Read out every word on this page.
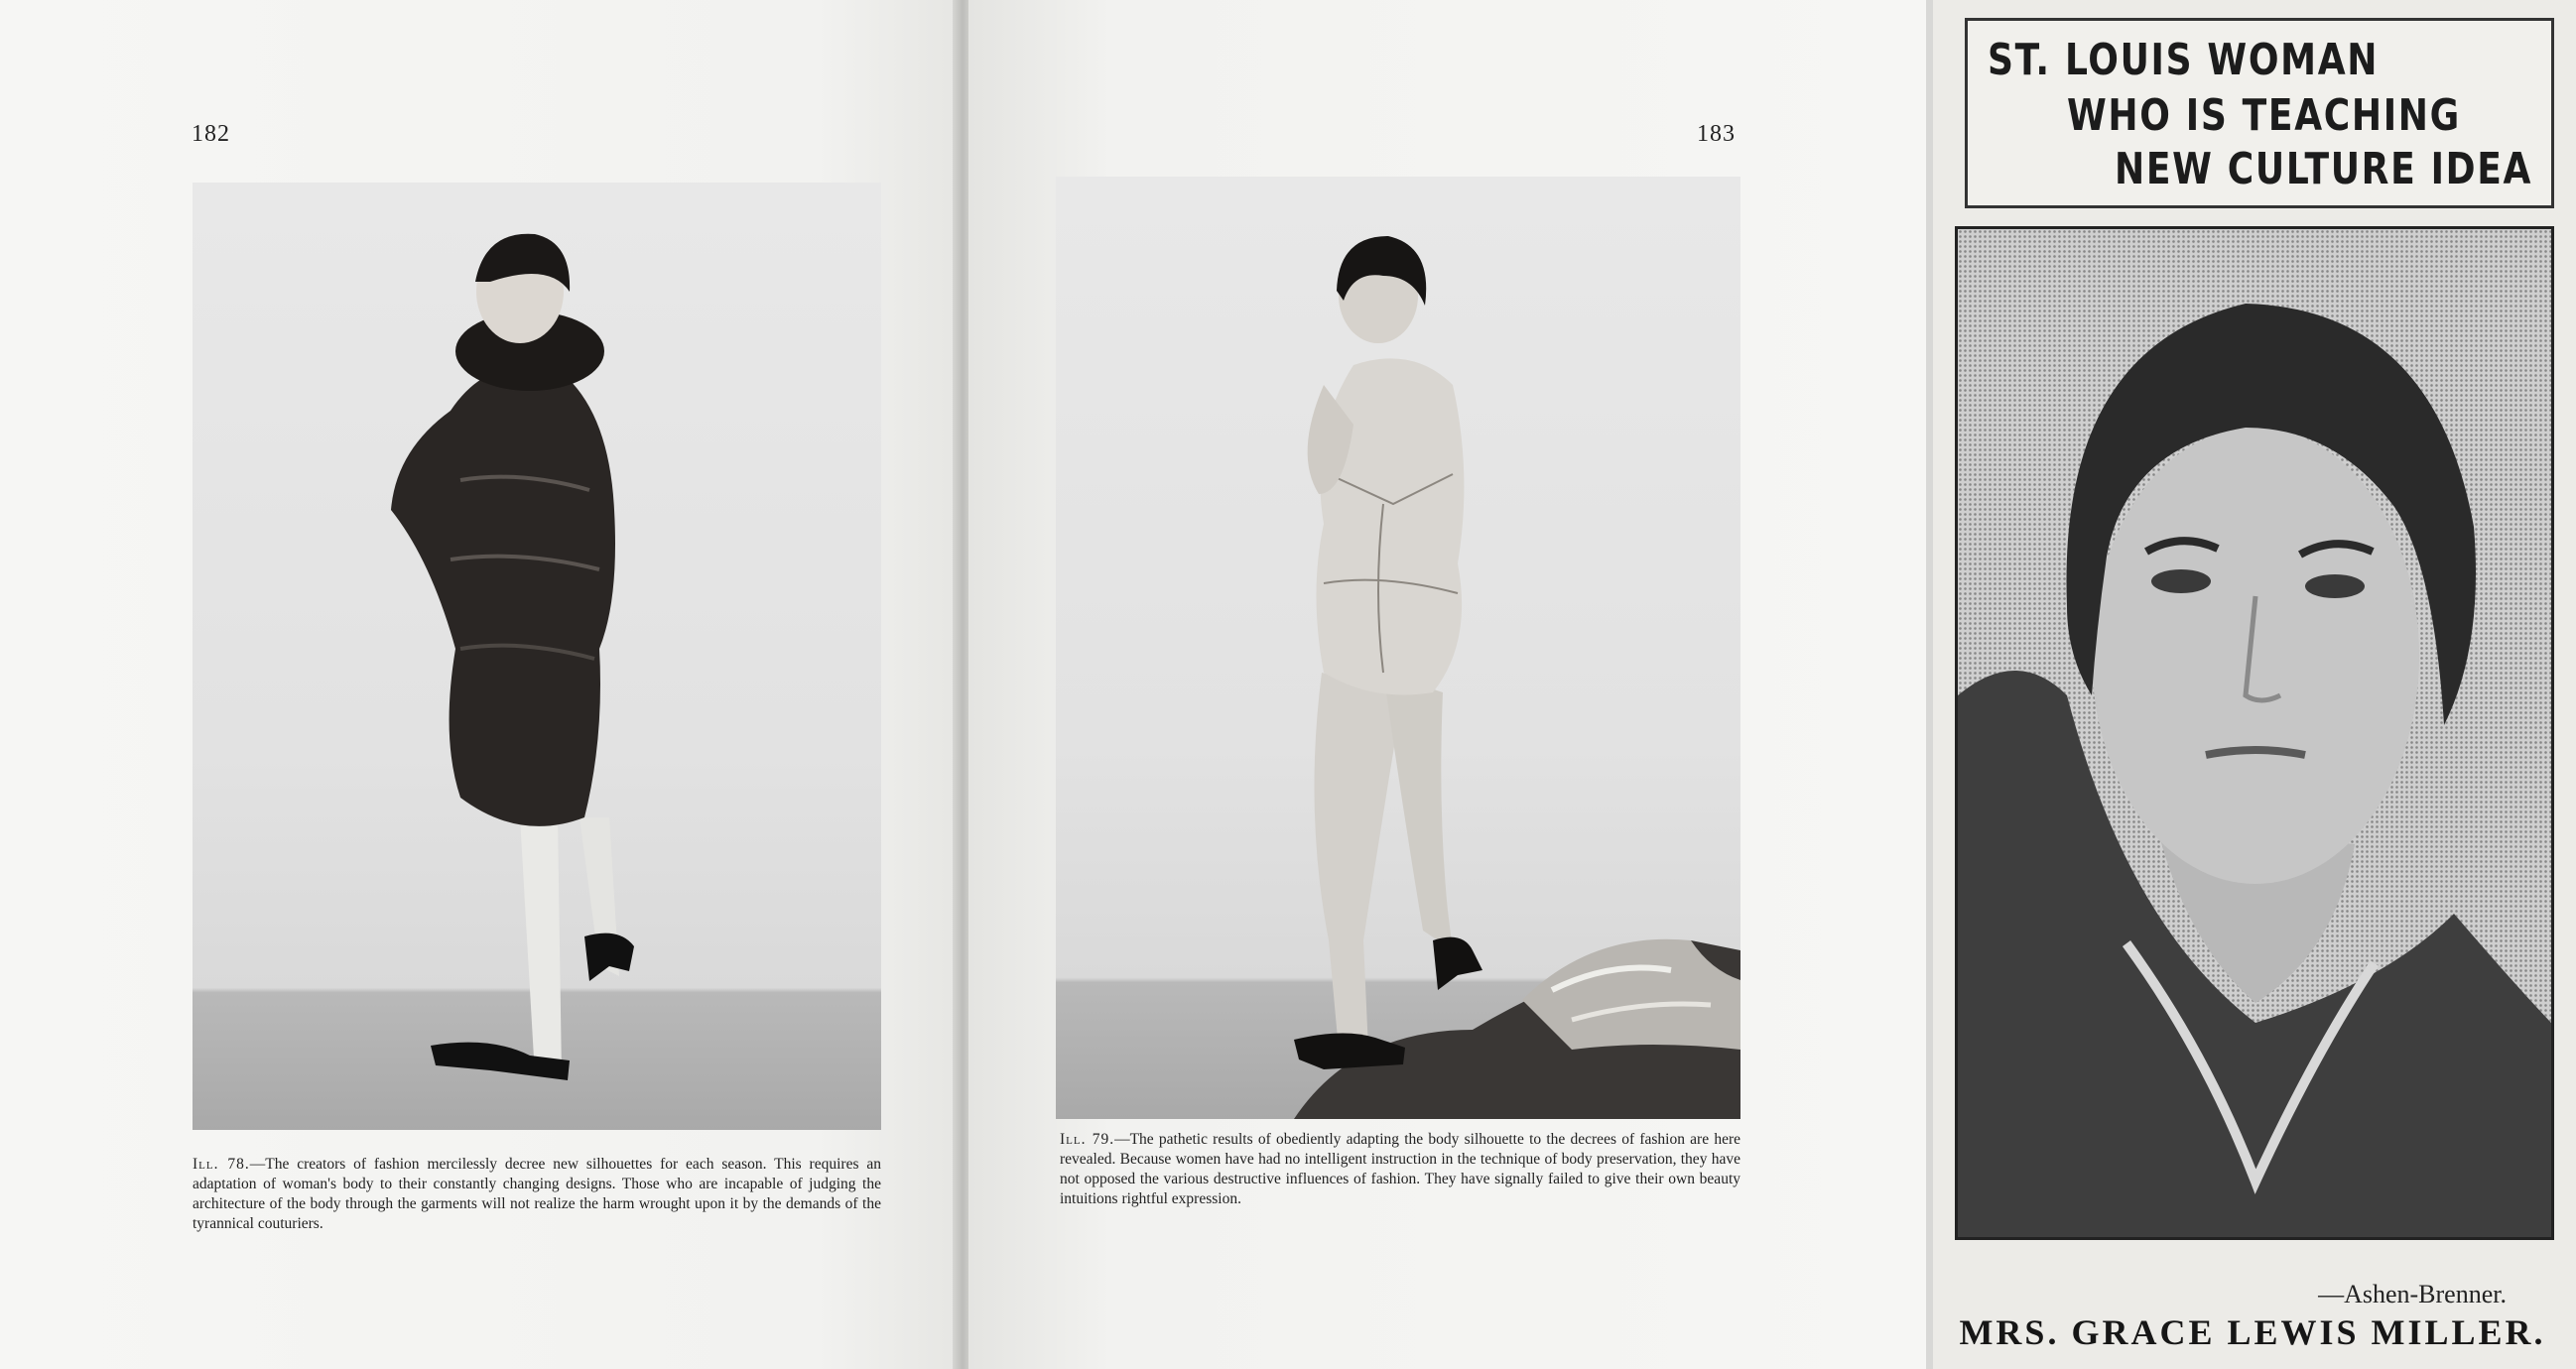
182
Ill. 78.—The creators of fashion mercilessly decree new silhouettes for each season. This requires an adaptation of woman's body to their constantly changing designs. Those who are incapable of judging the architecture of the body through the garments will not realize the harm wrought upon it by the demands of the tyrannical couturiers.
183
Ill. 79.—The pathetic results of obediently adapting the body silhouette to the decrees of fashion are here revealed. Because women have had no intelligent instruction in the technique of body preservation, they have not opposed the various destructive influences of fashion. They have signally failed to give their own beauty intuitions rightful expression.
ST. LOUIS WOMAN
WHO IS TEACHING
NEW CULTURE IDEA
—Ashen-Brenner.
MRS. GRACE LEWIS MILLER.
